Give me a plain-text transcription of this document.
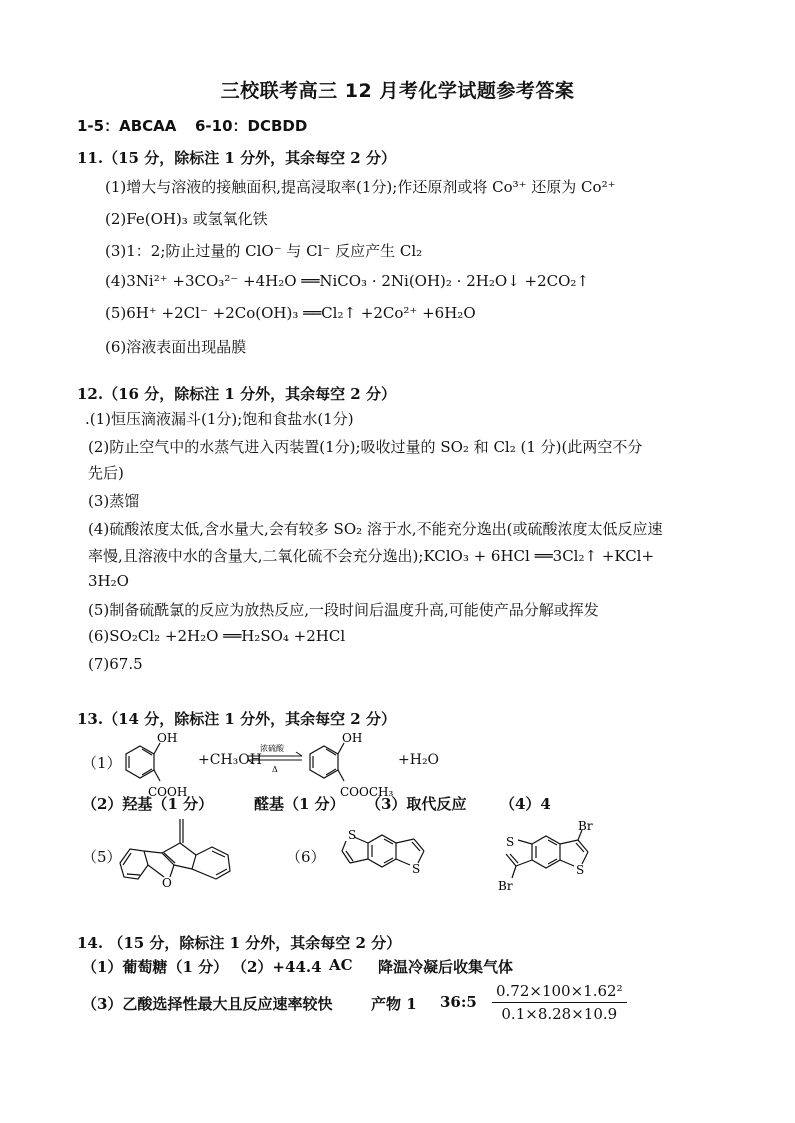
三校联考高三 12 月考化学试题参考答案
1-5：ABCAA 6-10：DCBDD
11.（15 分，除标注 1 分外，其余每空 2 分）
(1)增大与溶液的接触面积,提高浸取率(1分);作还原剂或将 Co³⁺ 还原为 Co²⁺
(2)Fe(OH)₃ 或氢氧化铁
(3)1：2;防止过量的 ClO⁻ 与 Cl⁻ 反应产生 Cl₂
(4)3Ni²⁺ +3CO₃²⁻ +4H₂O ══NiCO₃ · 2Ni(OH)₂ · 2H₂O↓ +2CO₂↑
(5)6H⁺ +2Cl⁻ +2Co(OH)₃ ══Cl₂↑ +2Co²⁺ +6H₂O
(6)溶液表面出现晶膜
12.（16 分，除标注 1 分外，其余每空 2 分）
.(1)恒压滴液漏斗(1分);饱和食盐水(1分)
(2)防止空气中的水蒸气进入丙装置(1分);吸收过量的 SO₂ 和 Cl₂ (1 分)(此两空不分
先后)
(3)蒸馏
(4)硫酸浓度太低,含水量大,会有较多 SO₂ 溶于水,不能充分逸出(或硫酸浓度太低反应速
率慢,且溶液中水的含量大,二氧化硫不会充分逸出);KClO₃ + 6HCl ══3Cl₂↑ +KCl+
3H₂O
(5)制备硫酰氯的反应为放热反应,一段时间后温度升高,可能使产品分解或挥发
(6)SO₂Cl₂ +2H₂O ══H₂SO₄ +2HCl
(7)67.5
13.（14 分，除标注 1 分外，其余每空 2 分）
（1）
OH
COOH
+CH₃OH
浓硫酸
Δ
OH
COOCH₃
+H₂O
（2）羟基（1 分）	醛基（1 分） （3）取代反应 （4）4
（5）
O
（6）
S
S
S
S
Br
Br
14. （15 分，除标注 1 分外，其余每空 2 分）
（1）葡萄糖（1 分） （2）+44.4 AC 降温冷凝后收集气体
（3）乙酸选择性最大且反应速率较快	产物 1 36:5 $\frac{\text{0.72×100×1.62²}}{0.1\times 8.28\times 10.9}$
